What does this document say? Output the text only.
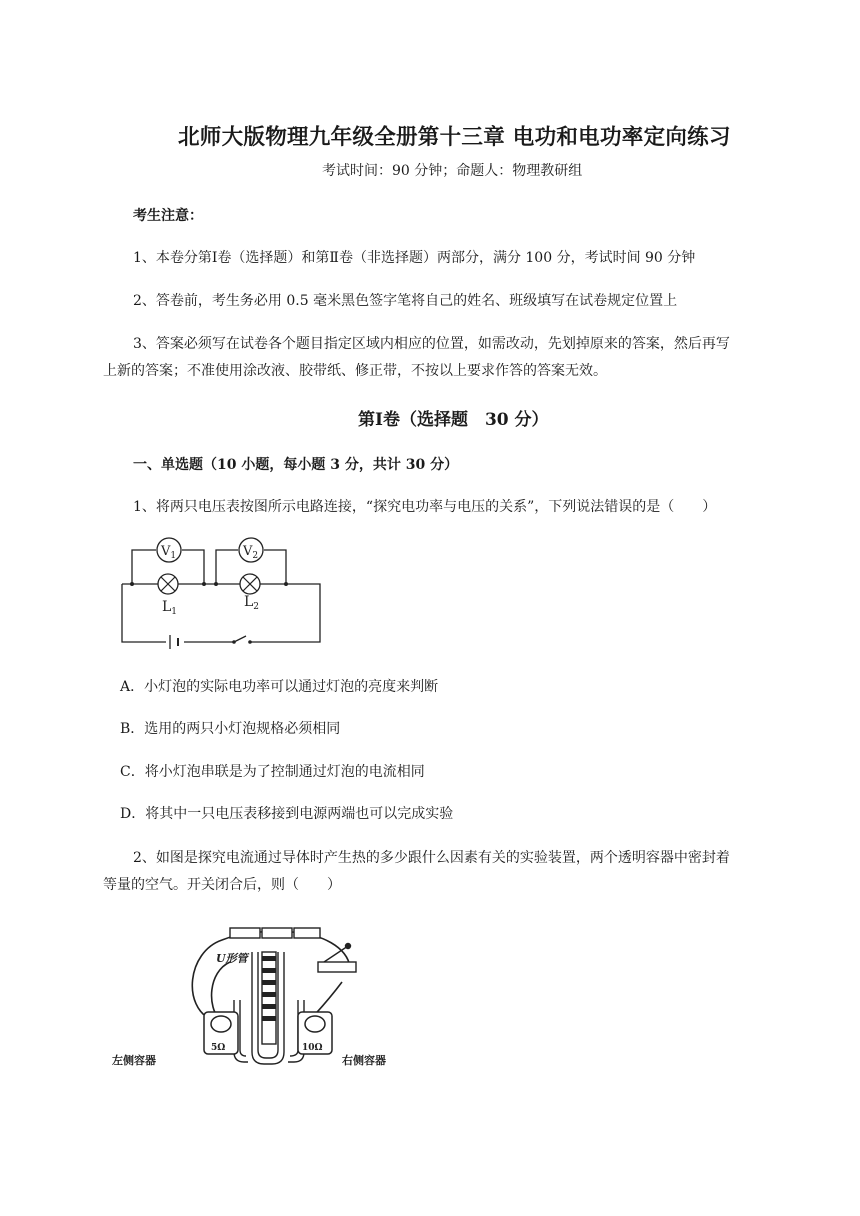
北师大版物理九年级全册第十三章 电功和电功率定向练习
考试时间：90 分钟；命题人：物理教研组
考生注意：
1、本卷分第Ⅰ卷（选择题）和第Ⅱ卷（非选择题）两部分，满分 100 分，考试时间 90 分钟
2、答卷前，考生务必用 0.5 毫米黑色签字笔将自己的姓名、班级填写在试卷规定位置上
3、答案必须写在试卷各个题目指定区域内相应的位置，如需改动，先划掉原来的答案，然后再写
上新的答案；不准使用涂改液、胶带纸、修正带，不按以上要求作答的答案无效。
第Ⅰ卷（选择题　30 分）
一、单选题（10 小题，每小题 3 分，共计 30 分）
1、将两只电压表按图所示电路连接，“探究电功率与电压的关系”，下列说法错误的是（　　）
$V_1$	$V_2$
$L_1$
$L_2$
A．小灯泡的实际电功率可以通过灯泡的亮度来判断
B．选用的两只小灯泡规格必须相同
C．将小灯泡串联是为了控制通过灯泡的电流相同
D．将其中一只电压表移接到电源两端也可以完成实验
2、如图是探究电流通过导体时产生热的多少跟什么因素有关的实验装置，两个透明容器中密封着
等量的空气。开关闭合后，则（　　）
U形管
5Ω	10Ω
左侧容器	右侧容器
